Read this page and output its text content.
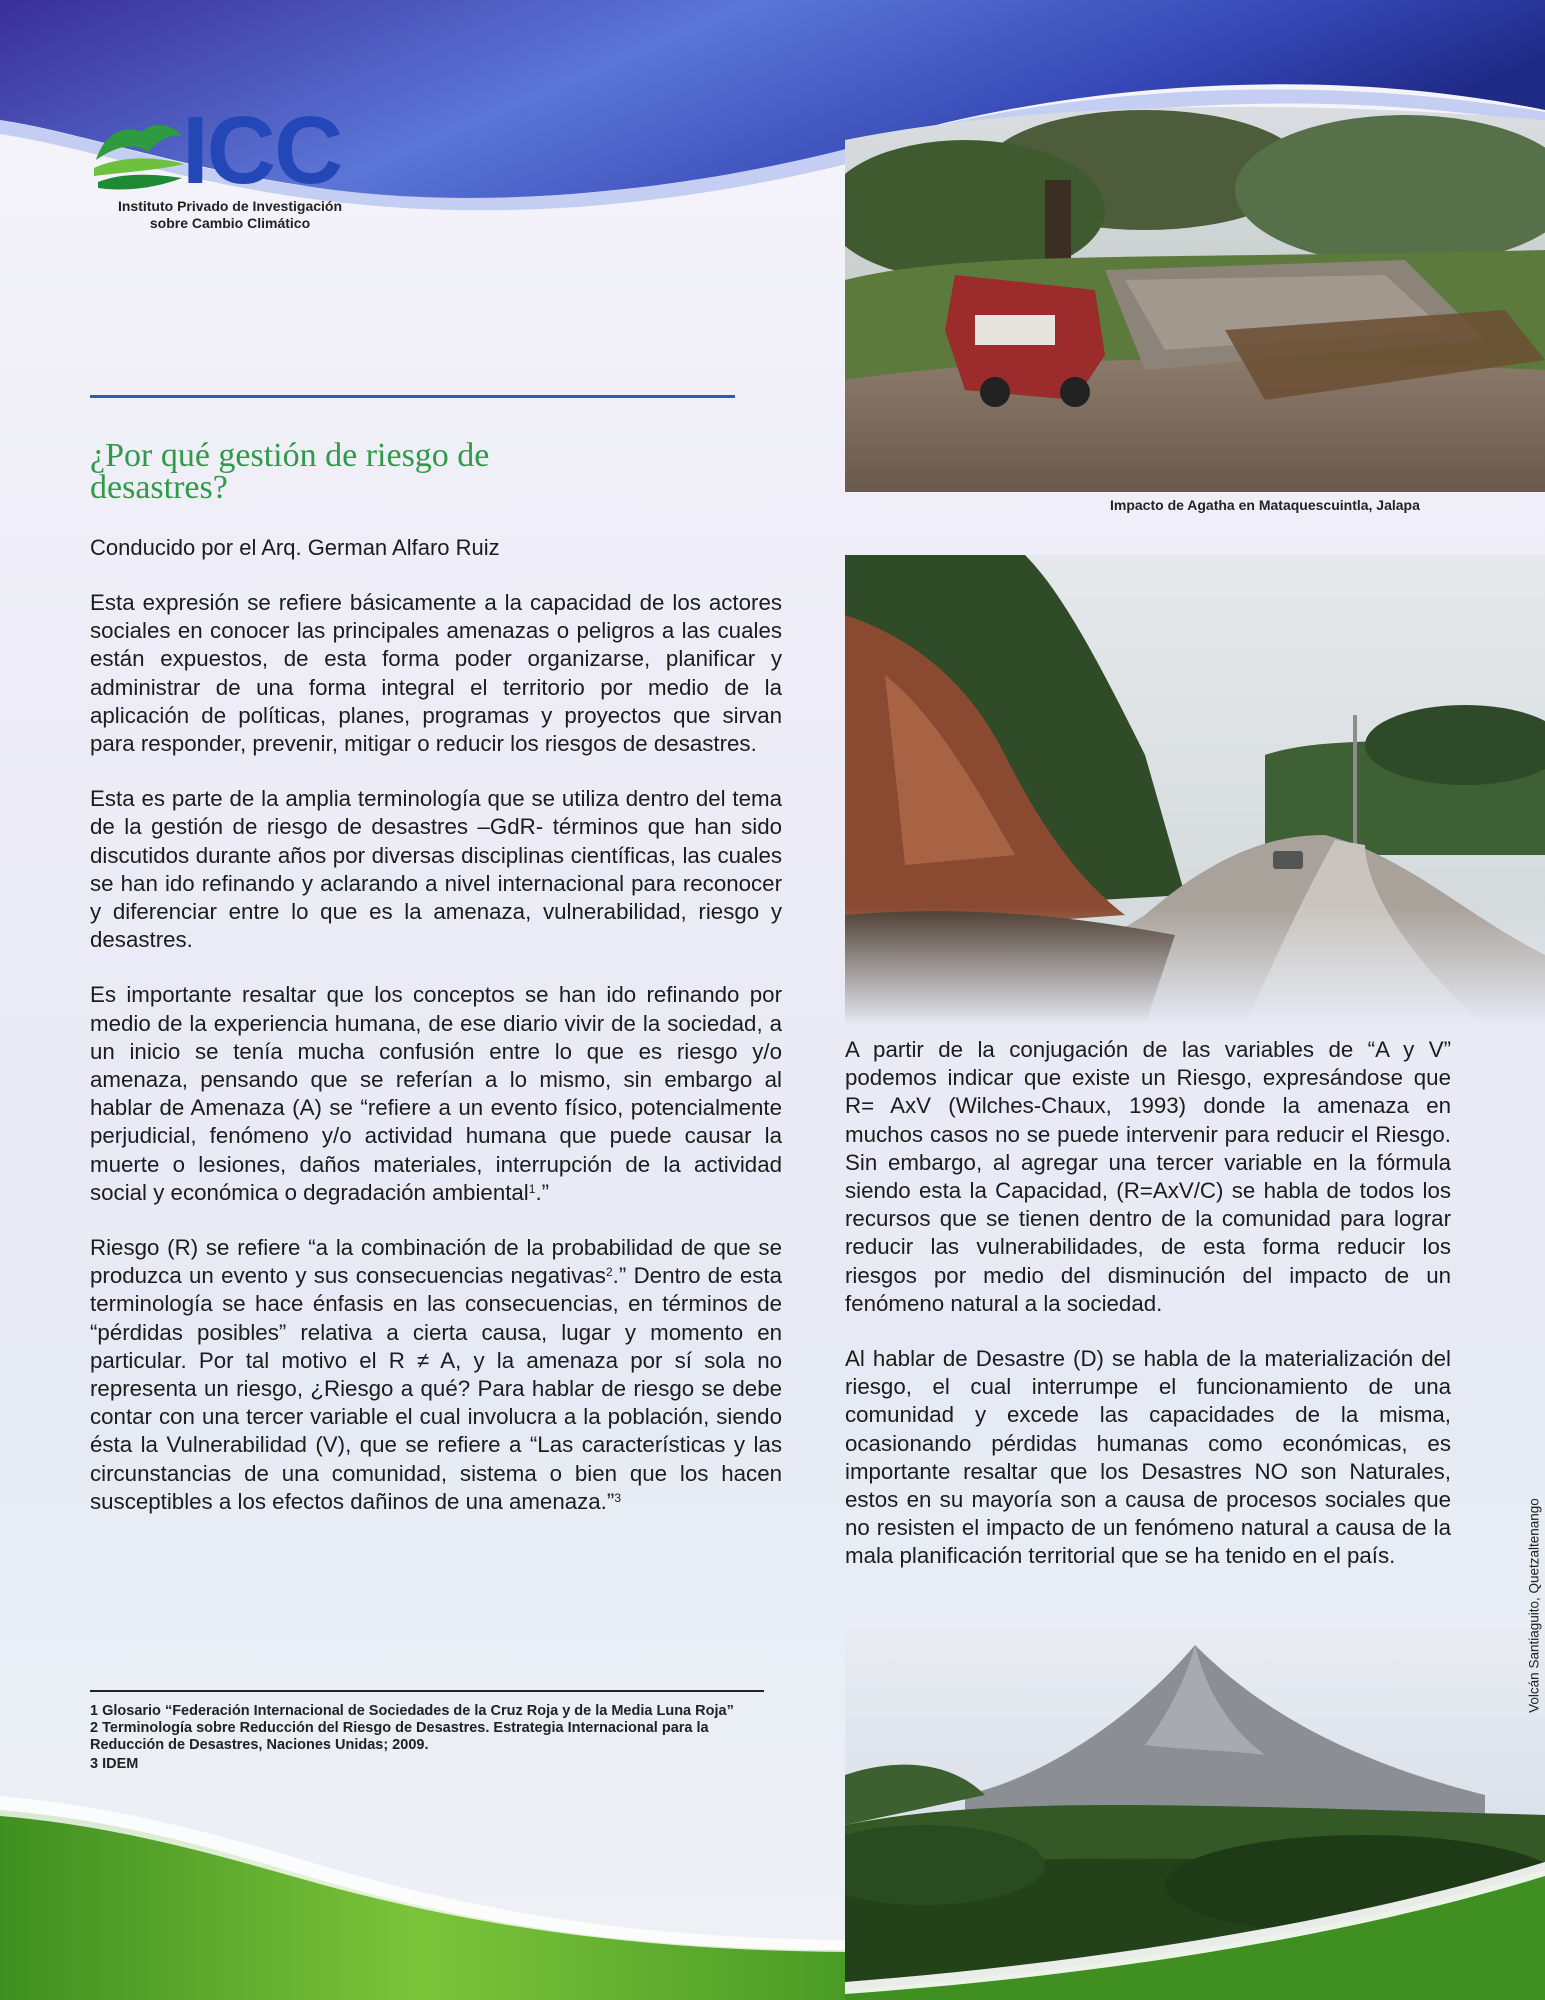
ICC
Instituto Privado de Investigación
sobre Cambio Climático
¿Por qué gestión de riesgo de
desastres?
Conducido por el Arq. German Alfaro Ruiz

Esta expresión se refiere básicamente a la capacidad de los actores sociales en conocer las principales amenazas o peligros a las cuales están expuestos, de esta forma poder organizarse, planificar y administrar de una forma integral el territorio por medio de la aplicación de políticas, planes, programas y proyectos que sirvan para responder, prevenir, mitigar o reducir los riesgos de desastres.

Esta es parte de la amplia terminología que se utiliza dentro del tema de la gestión de riesgo de desastres –GdR- términos que han sido discutidos durante años por diversas disciplinas científicas, las cuales se han ido refinando y aclarando a nivel internacional para reconocer y diferenciar entre lo que es la amenaza, vulnerabilidad, riesgo y desastres.

Es importante resaltar que los conceptos se han ido refinando por medio de la experiencia humana, de ese diario vivir de la sociedad, a un inicio se tenía mucha confusión entre lo que es riesgo y/o amenaza, pensando que se referían a lo mismo, sin embargo al hablar de Amenaza (A) se “refiere a un evento físico, potencialmente perjudicial, fenómeno y/o actividad humana que puede causar la muerte o lesiones, daños materiales, interrupción de la actividad social y económica o degradación ambiental$^1$.”

Riesgo (R) se refiere “a la combinación de la probabilidad de que se produzca un evento y sus consecuencias negativas$^2$.” Dentro de esta terminología se hace énfasis en las consecuencias, en términos de “pérdidas posibles” relativa a cierta causa, lugar y momento en particular. Por tal motivo el R ≠ A, y la amenaza por sí sola no representa un riesgo, ¿Riesgo a qué? Para hablar de riesgo se debe contar con una tercer variable el cual involucra a la población, siendo ésta la Vulnerabilidad (V), que se refiere a “Las características y las circunstancias de una comunidad, sistema o bien que los hacen susceptibles a los efectos dañinos de una amenaza.”$^3$

1 Glosario “Federación Internacional de Sociedades de la Cruz Roja y de la Media Luna Roja”
2 Terminología sobre Reducción del Riesgo de Desastres. Estrategia Internacional para la Reducción de Desastres, Naciones Unidas; 2009.
3 IDEM
Impacto de Agatha en Mataquescuintla, Jalapa

A partir de la conjugación de las variables de “A y V” podemos indicar que existe un Riesgo, expresándose que R= AxV (Wilches-Chaux, 1993) donde la amenaza en muchos casos no se puede intervenir para reducir el Riesgo. Sin embargo, al agregar una tercer variable en la fórmula siendo esta la Capacidad, (R=AxV/C) se habla de todos los recursos que se tienen dentro de la comunidad para lograr reducir las vulnerabilidades, de esta forma reducir los riesgos por medio del disminución del impacto de un fenómeno natural a la sociedad.

Al hablar de Desastre (D) se habla de la materialización del riesgo, el cual interrumpe el funcionamiento de una comunidad y excede las capacidades de la misma, ocasionando pérdidas humanas como económicas, es importante resaltar que los Desastres NO son Naturales, estos en su mayoría son a causa de procesos sociales que no resisten el impacto de un fenómeno natural a causa de la mala planificación territorial que se ha tenido en el país.	Volcán Santiaguito, Quetzaltenango
